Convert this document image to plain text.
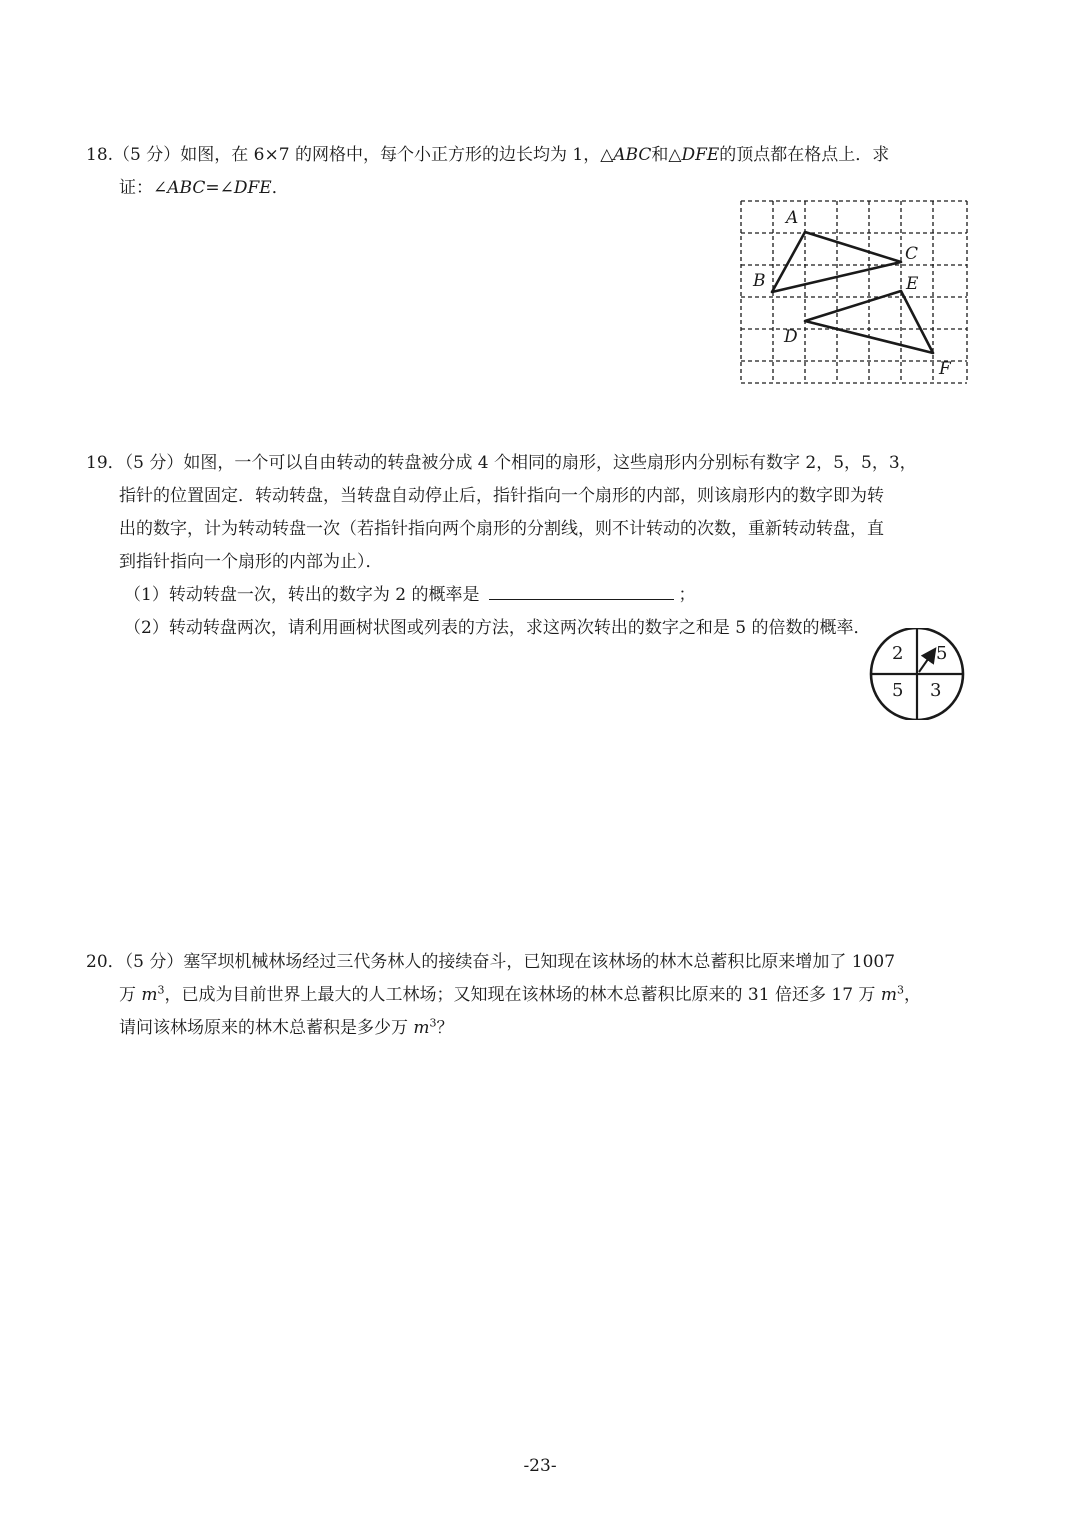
18.（5 分）如图，在 6×7 的网格中，每个小正方形的边长均为 1，△ABC和△DFE的顶点都在格点上．求

证：∠ABC=∠DFE．

A
B
C
D
E
F

19．（5 分）如图，一个可以自由转动的转盘被分成 4 个相同的扇形，这些扇形内分别标有数字 2，5，5，3，

指针的位置固定．转动转盘，当转盘自动停止后，指针指向一个扇形的内部，则该扇形内的数字即为转

出的数字，计为转动转盘一次（若指针指向两个扇形的分割线，则不计转动的次数，重新转动转盘，直

到指针指向一个扇形的内部为止）．

（1）转动转盘一次，转出的数字为 2 的概率是	；

（2）转动转盘两次，请利用画树状图或列表的方法，求这两次转出的数字之和是 5 的倍数的概率．

2 5
5 3

20．（5 分）塞罕坝机械林场经过三代务林人的接续奋斗，已知现在该林场的林木总蓄积比原来增加了 1007

万 $m^3$，已成为目前世界上最大的人工林场；又知现在该林场的林木总蓄积比原来的 31 倍还多 17 万 $m^3$，

请问该林场原来的林木总蓄积是多少万 $m^3$？

-23-
